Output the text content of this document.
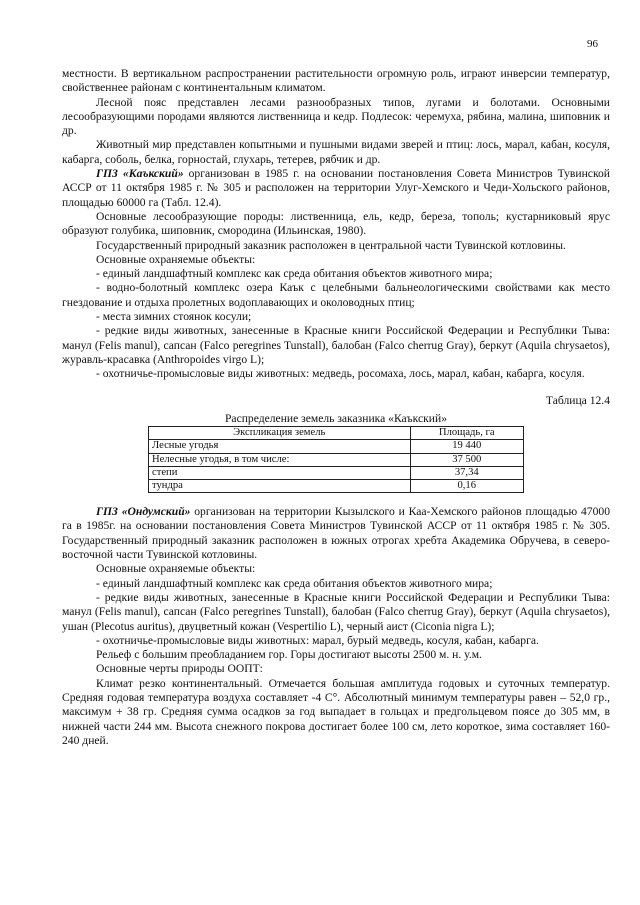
96

местности. В вертикальном распространении растительности огромную роль, играют инверсии температур, свойственнее районам с континентальным климатом.

Лесной пояс представлен лесами разнообразных типов, лугами и болотами. Основными лесообразующими породами являются лиственница и кедр. Подлесок: черемуха, рябина, малина, шиповник и др.

Животный мир представлен копытными и пушными видами зверей и птиц: лось, марал, кабан, косуля, кабарга, соболь, белка, горностай, глухарь, тетерев, рябчик и др.

ГПЗ «Каъкский» организован в 1985 г. на основании постановления Совета Министров Тувинской АССР от 11 октября 1985 г. № 305 и расположен на территории Улуг-Хемского и Чеди-Хольского районов, площадью 60000 га (Табл. 12.4).

Основные лесообразующие породы: лиственница, ель, кедр, береза, тополь; кустарниковый ярус образуют голубика, шиповник, смородина (Ильинская, 1980).

Государственный природный заказник расположен в центральной части Тувинской котловины.

Основные охраняемые объекты:

- единый ландшафтный комплекс как среда обитания объектов животного мира;

- водно-болотный комплекс озера Каък с целебными бальнеологическими свойствами как место гнездование и отдыха пролетных водоплавающих и околоводных птиц;

- места зимних стоянок косули;

- редкие виды животных, занесенные в Красные книги Российской Федерации и Республики Тыва: манул (Felis manul), сапсан (Falco peregrines Tunstall), балобан (Falco cherrug Gray), беркут (Aquila chrysaetos), журавль-красавка (Anthropoides virgo L);

- охотничье-промысловые виды животных: медведь, росомаха, лось, марал, кабан, кабарга, косуля.

Таблица 12.4
Распределение земель заказника «Каъкский»
Экспликация земель	Площадь, га
Лесные угодья	19 440
Нелесные угодья, в том числе:	37 500
степи	37,34
тундра	0,16

ГПЗ «Ондумский» организован на территории Кызылского и Каа-Хемского районов площадью 47000 га в 1985г. на основании постановления Совета Министров Тувинской АССР от 11 октября 1985 г. № 305. Государственный природный заказник расположен в южных отрогах хребта Академика Обручева, в северо-восточной части Тувинской котловины.

Основные охраняемые объекты:

- единый ландшафтный комплекс как среда обитания объектов животного мира;

- редкие виды животных, занесенные в Красные книги Российской Федерации и Республики Тыва: манул (Felis manul), сапсан (Falco peregrines Tunstall), балобан (Falco cherrug Gray), беркут (Aquila chrysaetos), ушан (Plecotus auritus), двуцветный кожан (Vespertilio L), черный аист (Ciconia nigra L);

- охотничье-промысловые виды животных: марал, бурый медведь, косуля, кабан, кабарга.

Рельеф с большим преобладанием гор. Горы достигают высоты 2500 м. н. у.м.

Основные черты природы ООПТ:

Климат резко континентальный. Отмечается большая амплитуда годовых и суточных температур. Средняя годовая температура воздуха составляет -4 С°. Абсолютный минимум температуры равен – 52,0 гр., максимум + 38 гр. Средняя сумма осадков за год выпадает в гольцах и предгольцевом поясе до 305 мм, в нижней части 244 мм. Высота снежного покрова достигает более 100 см, лето короткое, зима составляет 160-240 дней.
